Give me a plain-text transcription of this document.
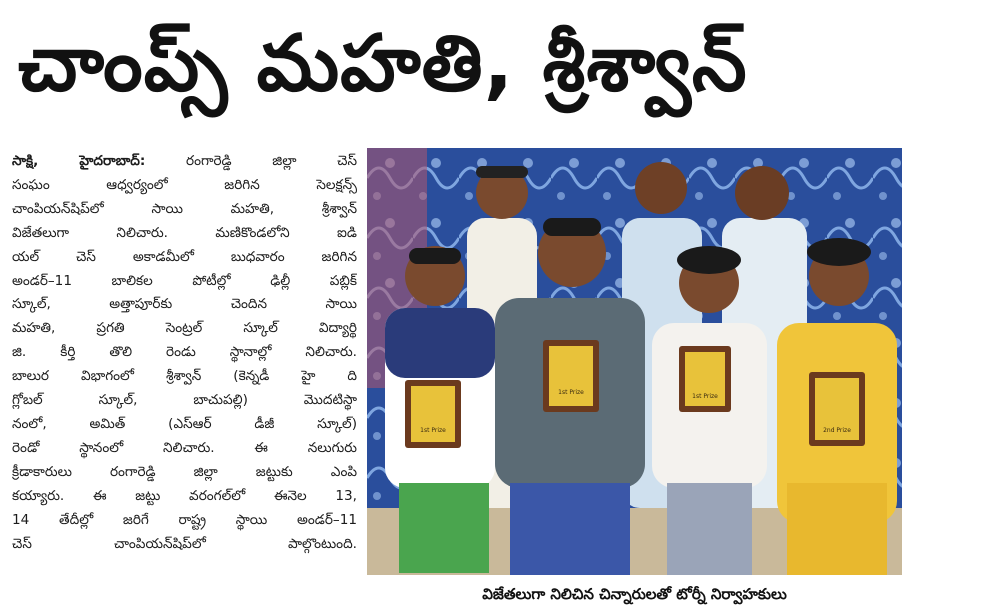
చాంప్స్‌ మహతి, శ్రీశ్వాన్‌
సాక్షి, హైదరాబాద్‌: రంగారెడ్డి జిల్లా చెస్‌
సంఘం ఆధ్వర్యంలో జరిగిన సెలక్షన్స్‌
చాంపియన్‌షిప్‌లో సాయి మహతి, శ్రీశ్వాన్‌
విజేతలుగా నిలిచారు. మణికొండలోని ఐడి
యల్‌ చెస్‌ అకాడమీలో బుధవారం జరిగిన
అండర్‌–11 బాలికల పోటీల్లో ఢిల్లీ పబ్లిక్‌
స్కూల్‌, అత్తాపూర్‌కు చెందిన సాయి
మహతి, ప్రగతి సెంట్రల్‌ స్కూల్‌ విద్యార్థి
జి. కీర్తి తొలి రెండు స్థానాల్లో నిలిచారు.
బాలుర విభాగంలో శ్రీశ్వాన్‌ (కెన్నడీ హై ది
గ్లోబల్‌ స్కూల్‌, బాచుపల్లి) మొదటిస్థా
నంలో, అమిత్‌ (ఎస్‌ఆర్‌ డీజీ స్కూల్‌)
రెండో స్థానంలో నిలిచారు. ఈ నలుగురు
క్రీడాకారులు రంగారెడ్డి జిల్లా జట్టుకు ఎంపి
కయ్యారు. ఈ జట్టు వరంగల్‌లో ఈనెల 13,
14 తేదీల్లో జరిగే రాష్ట్ర స్థాయి అండర్‌–11
చెస్‌ చాంపియన్‌షిప్‌లో పాల్గొంటుంది.
1st Prize
1st Prize
1st Prize
2nd Prize
విజేతలుగా నిలిచిన చిన్నారులతో టోర్నీ నిర్వాహకులు
